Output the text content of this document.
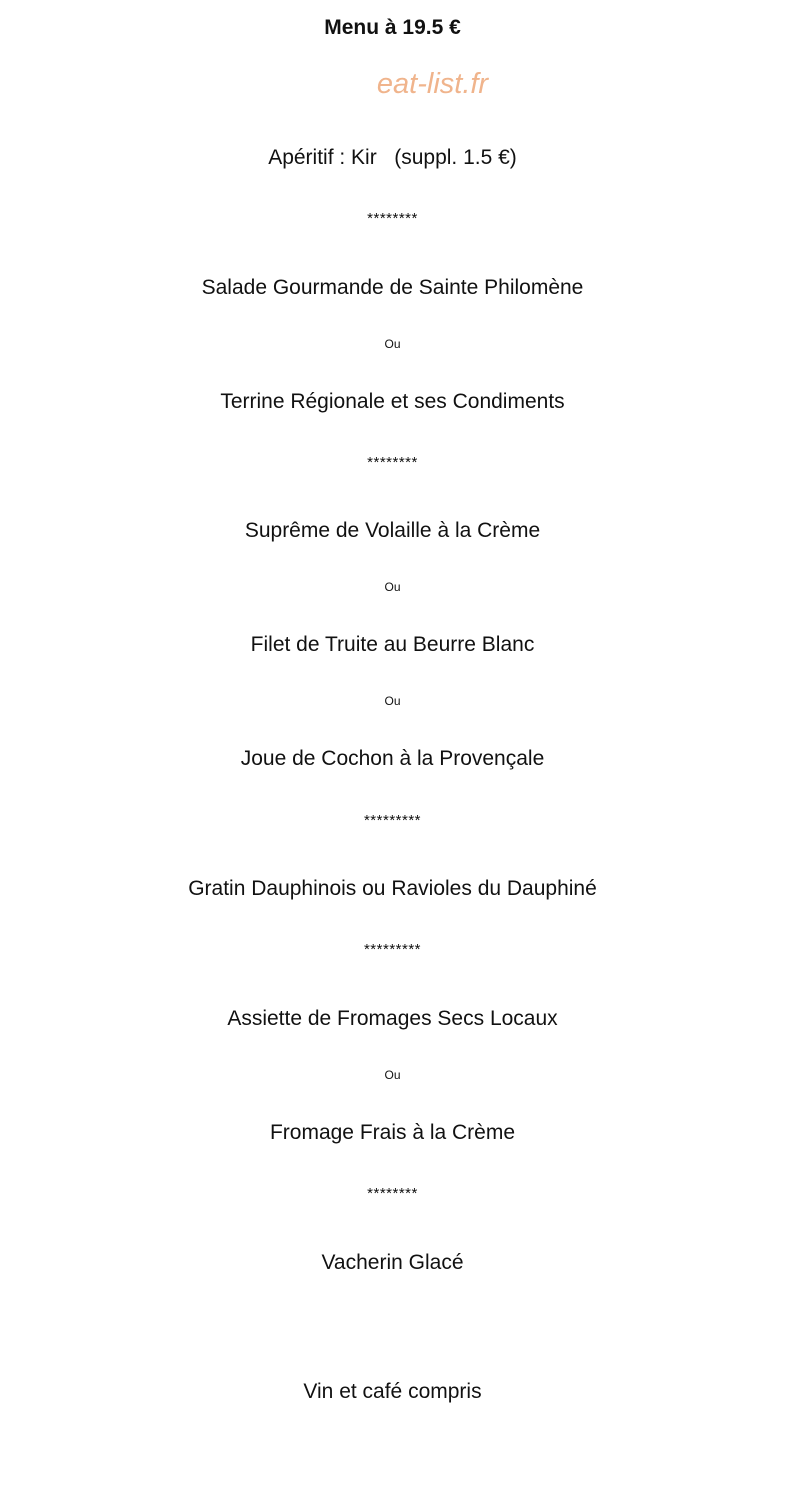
Menu à 19.5 €
eat-list.fr
Apéritif : Kir   (suppl. 1.5 €)
********
Salade Gourmande de Sainte Philomène
Ou
Terrine Régionale et ses Condiments
********
Suprême de Volaille à la Crème
Ou
Filet de Truite au Beurre Blanc
Ou
Joue de Cochon à la Provençale
*********
Gratin Dauphinois ou Ravioles du Dauphiné
*********
Assiette de Fromages Secs Locaux
Ou
Fromage Frais à la Crème
********
Vacherin Glacé
Vin et café compris
